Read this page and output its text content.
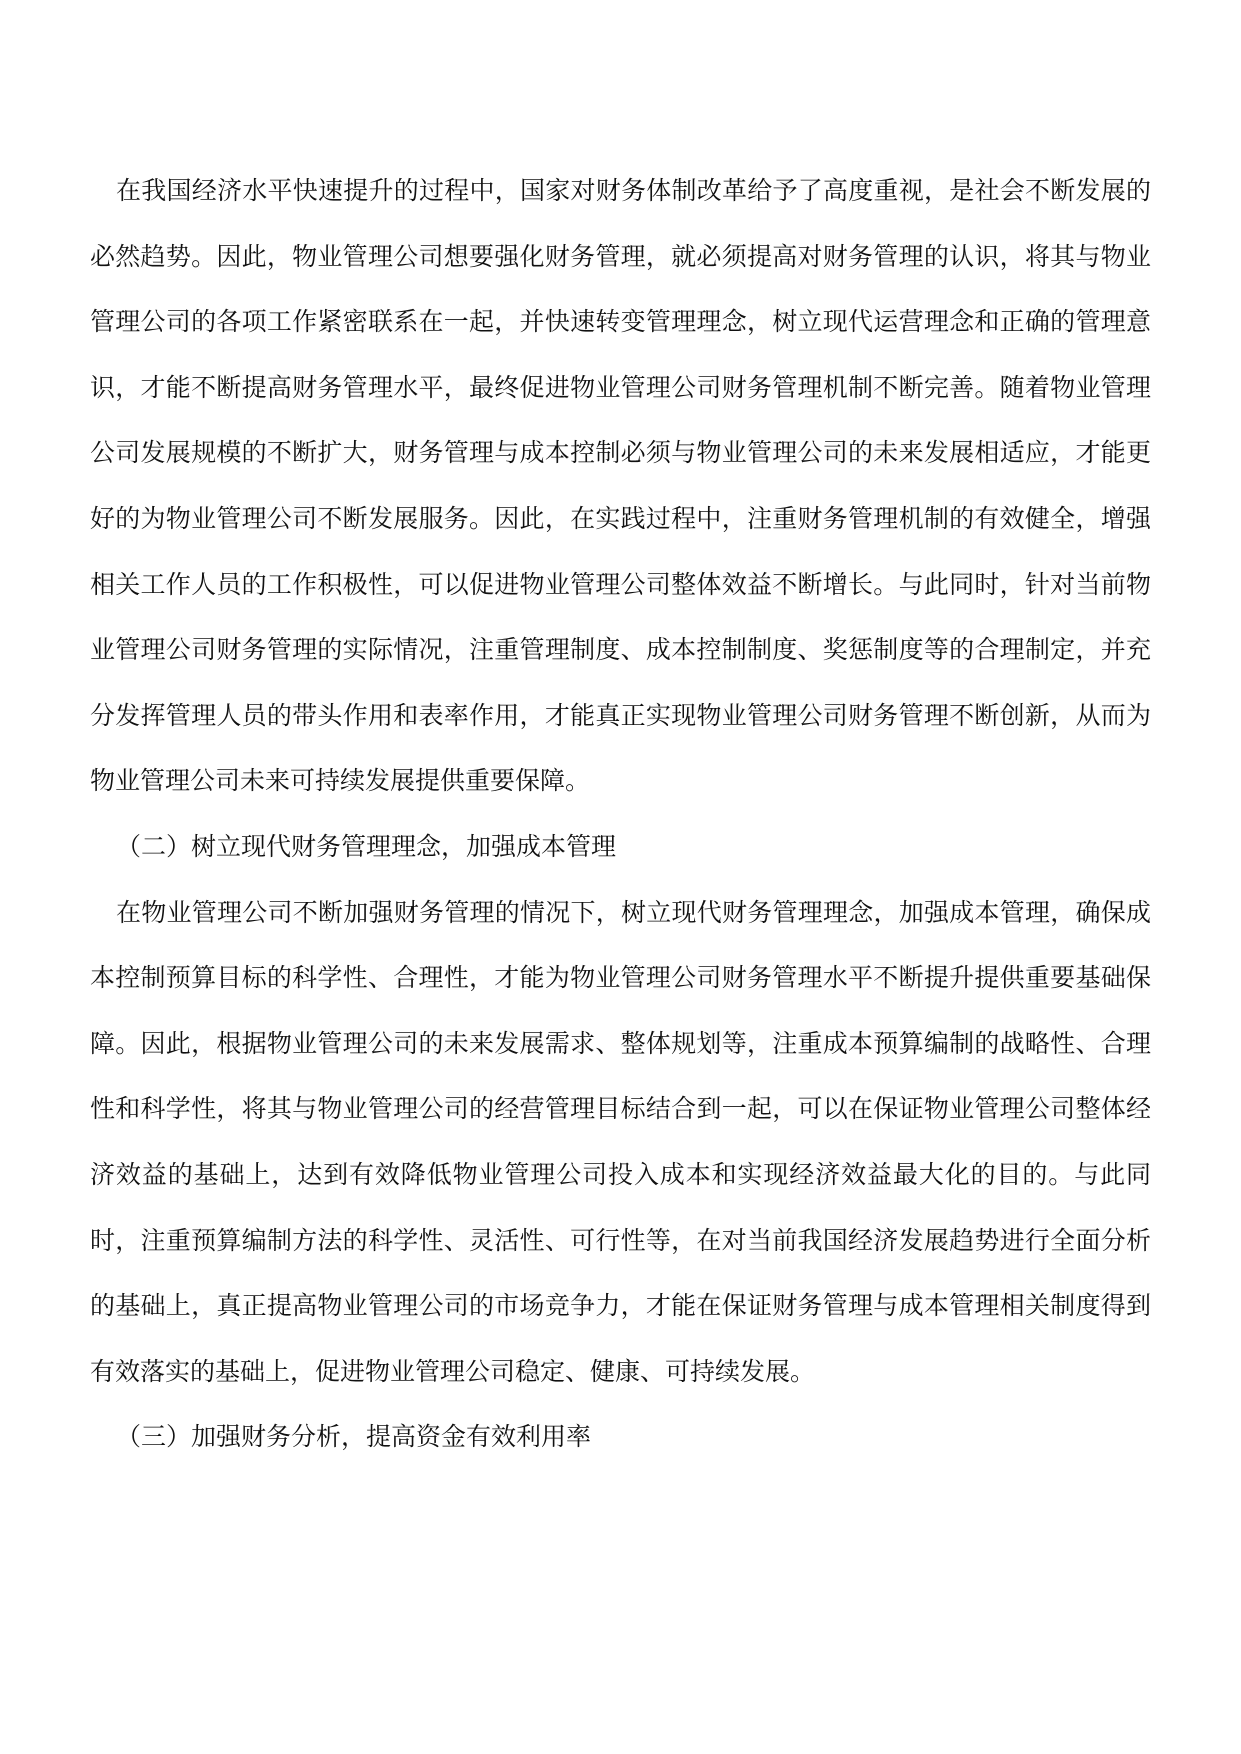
在我国经济水平快速提升的过程中，国家对财务体制改革给予了高度重视，是社会不断发展的必然趋势。因此，物业管理公司想要强化财务管理，就必须提高对财务管理的认识，将其与物业管理公司的各项工作紧密联系在一起，并快速转变管理理念，树立现代运营理念和正确的管理意识，才能不断提高财务管理水平，最终促进物业管理公司财务管理机制不断完善。随着物业管理公司发展规模的不断扩大，财务管理与成本控制必须与物业管理公司的未来发展相适应，才能更好的为物业管理公司不断发展服务。因此，在实践过程中，注重财务管理机制的有效健全，增强相关工作人员的工作积极性，可以促进物业管理公司整体效益不断增长。与此同时，针对当前物业管理公司财务管理的实际情况，注重管理制度、成本控制制度、奖惩制度等的合理制定，并充分发挥管理人员的带头作用和表率作用，才能真正实现物业管理公司财务管理不断创新，从而为物业管理公司未来可持续发展提供重要保障。

（二）树立现代财务管理理念，加强成本管理

在物业管理公司不断加强财务管理的情况下，树立现代财务管理理念，加强成本管理，确保成本控制预算目标的科学性、合理性，才能为物业管理公司财务管理水平不断提升提供重要基础保障。因此，根据物业管理公司的未来发展需求、整体规划等，注重成本预算编制的战略性、合理性和科学性，将其与物业管理公司的经营管理目标结合到一起，可以在保证物业管理公司整体经济效益的基础上，达到有效降低物业管理公司投入成本和实现经济效益最大化的目的。与此同时，注重预算编制方法的科学性、灵活性、可行性等，在对当前我国经济发展趋势进行全面分析的基础上，真正提高物业管理公司的市场竞争力，才能在保证财务管理与成本管理相关制度得到有效落实的基础上，促进物业管理公司稳定、健康、可持续发展。

（三）加强财务分析，提高资金有效利用率
